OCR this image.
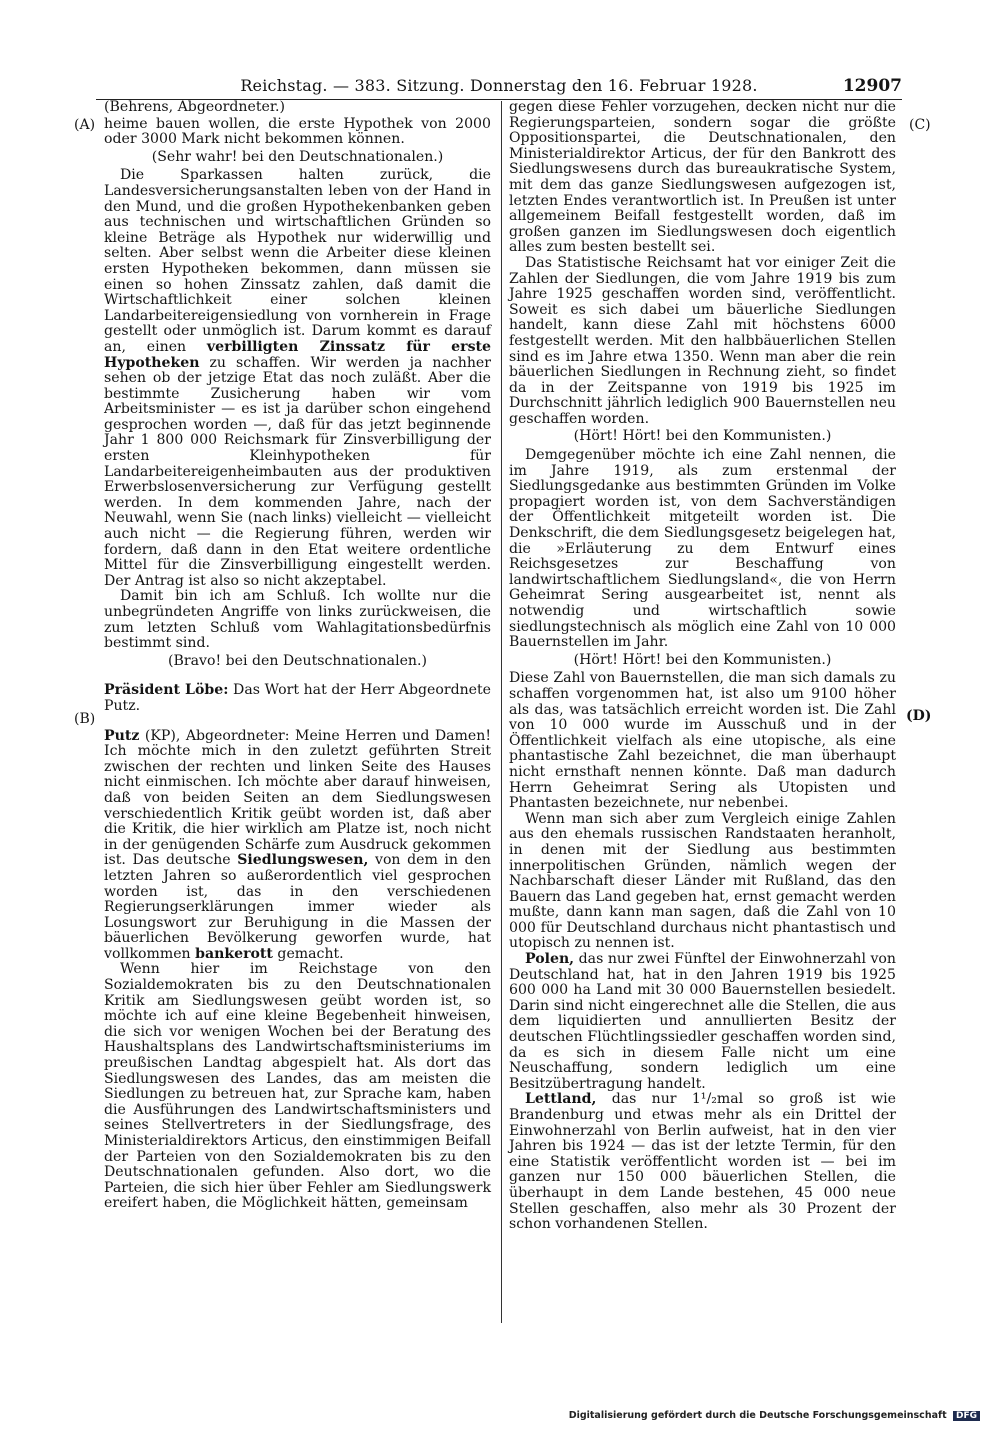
Reichstag. — 383. Sitzung. Donnerstag den 16. Februar 1928.	12907
(A)
(B)
(C)
(D)

(Behrens, Abgeordneter.)

heime bauen wollen, die erste Hypothek von 2000 oder 3000 Mark nicht bekommen können.

(Sehr wahr! bei den Deutschnationalen.)

Die Sparkassen halten zurück, die Landesversicherungsanstalten leben von der Hand in den Mund, und die großen Hypothekenbanken geben aus technischen und wirtschaftlichen Gründen so kleine Beträge als Hypothek nur widerwillig und selten. Aber selbst wenn die Arbeiter diese kleinen ersten Hypotheken bekommen, dann müssen sie einen so hohen Zinssatz zahlen, daß damit die Wirtschaftlichkeit einer solchen kleinen Landarbeitereigensiedlung von vornherein in Frage gestellt oder unmöglich ist. Darum kommt es darauf an, einen verbilligten Zinssatz für erste Hypotheken zu schaffen. Wir werden ja nachher sehen ob der jetzige Etat das noch zuläßt. Aber die bestimmte Zusicherung haben wir vom Arbeitsminister — es ist ja darüber schon eingehend gesprochen worden —, daß für das jetzt beginnende Jahr 1 800 000 Reichsmark für Zinsverbilligung der ersten Kleinhypotheken für Landarbeitereigenheimbauten aus der produktiven Erwerbslosenversicherung zur Verfügung gestellt werden. In dem kommenden Jahre, nach der Neuwahl, wenn Sie (nach links) vielleicht — vielleicht auch nicht — die Regierung führen, werden wir fordern, daß dann in den Etat weitere ordentliche Mittel für die Zinsverbilligung eingestellt werden. Der Antrag ist also so nicht akzeptabel.

Damit bin ich am Schluß. Ich wollte nur die unbegründeten Angriffe von links zurückweisen, die zum letzten Schluß vom Wahlagitationsbedürfnis bestimmt sind.

(Bravo! bei den Deutschnationalen.)

Präsident Löbe: Das Wort hat der Herr Abgeordnete Putz.

Putz (KP), Abgeordneter: Meine Herren und Damen! Ich möchte mich in den zuletzt geführten Streit zwischen der rechten und linken Seite des Hauses nicht einmischen. Ich möchte aber darauf hinweisen, daß von beiden Seiten an dem Siedlungswesen verschiedentlich Kritik geübt worden ist, daß aber die Kritik, die hier wirklich am Platze ist, noch nicht in der genügenden Schärfe zum Ausdruck gekommen ist. Das deutsche Siedlungswesen, von dem in den letzten Jahren so außerordentlich viel gesprochen worden ist, das in den verschiedenen Regierungserklärungen immer wieder als Losungswort zur Beruhigung in die Massen der bäuerlichen Bevölkerung geworfen wurde, hat vollkommen bankerott gemacht.

Wenn hier im Reichstage von den Sozialdemokraten bis zu den Deutschnationalen Kritik am Siedlungswesen geübt worden ist, so möchte ich auf eine kleine Begebenheit hinweisen, die sich vor wenigen Wochen bei der Beratung des Haushaltsplans des Landwirtschaftsministeriums im preußischen Landtag abgespielt hat. Als dort das Siedlungswesen des Landes, das am meisten die Siedlungen zu betreuen hat, zur Sprache kam, haben die Ausführungen des Landwirtschaftsministers und seines Stellvertreters in der Siedlungsfrage, des Ministerialdirektors Articus, den einstimmigen Beifall der Parteien von den Sozialdemokraten bis zu den Deutschnationalen gefunden. Also dort, wo die Parteien, die sich hier über Fehler am Siedlungswerk ereifert haben, die Möglichkeit hätten, gemeinsam

gegen diese Fehler vorzugehen, decken nicht nur die Regierungsparteien, sondern sogar die größte Oppositionspartei, die Deutschnationalen, den Ministerialdirektor Articus, der für den Bankrott des Siedlungswesens durch das bureaukratische System, mit dem das ganze Siedlungswesen aufgezogen ist, letzten Endes verantwortlich ist. In Preußen ist unter allgemeinem Beifall festgestellt worden, daß im großen ganzen im Siedlungswesen doch eigentlich alles zum besten bestellt sei.

Das Statistische Reichsamt hat vor einiger Zeit die Zahlen der Siedlungen, die vom Jahre 1919 bis zum Jahre 1925 geschaffen worden sind, veröffentlicht. Soweit es sich dabei um bäuerliche Siedlungen handelt, kann diese Zahl mit höchstens 6000 festgestellt werden. Mit den halbbäuerlichen Stellen sind es im Jahre etwa 1350. Wenn man aber die rein bäuerlichen Siedlungen in Rechnung zieht, so findet da in der Zeitspanne von 1919 bis 1925 im Durchschnitt jährlich lediglich 900 Bauernstellen neu geschaffen worden.

(Hört! Hört! bei den Kommunisten.)

Demgegenüber möchte ich eine Zahl nennen, die im Jahre 1919, als zum erstenmal der Siedlungsgedanke aus bestimmten Gründen im Volke propagiert worden ist, von dem Sachverständigen der Öffentlichkeit mitgeteilt worden ist. Die Denkschrift, die dem Siedlungsgesetz beigelegen hat, die »Erläuterung zu dem Entwurf eines Reichsgesetzes zur Beschaffung von landwirtschaftlichem Siedlungsland«, die von Herrn Geheimrat Sering ausgearbeitet ist, nennt als notwendig und wirtschaftlich sowie siedlungstechnisch als möglich eine Zahl von 10 000 Bauernstellen im Jahr.

(Hört! Hört! bei den Kommunisten.)

Diese Zahl von Bauernstellen, die man sich damals zu schaffen vorgenommen hat, ist also um 9100 höher als das, was tatsächlich erreicht worden ist. Die Zahl von 10 000 wurde im Ausschuß und in der Öffentlichkeit vielfach als eine utopische, als eine phantastische Zahl bezeichnet, die man überhaupt nicht ernsthaft nennen könnte. Daß man dadurch Herrn Geheimrat Sering als Utopisten und Phantasten bezeichnete, nur nebenbei.

Wenn man sich aber zum Vergleich einige Zahlen aus den ehemals russischen Randstaaten heranholt, in denen mit der Siedlung aus bestimmten innerpolitischen Gründen, nämlich wegen der Nachbarschaft dieser Länder mit Rußland, das den Bauern das Land gegeben hat, ernst gemacht werden mußte, dann kann man sagen, daß die Zahl von 10 000 für Deutschland durchaus nicht phantastisch und utopisch zu nennen ist.

Polen, das nur zwei Fünftel der Einwohnerzahl von Deutschland hat, hat in den Jahren 1919 bis 1925 600 000 ha Land mit 30 000 Bauernstellen besiedelt. Darin sind nicht eingerechnet alle die Stellen, die aus dem liquidierten und annullierten Besitz der deutschen Flüchtlingssiedler geschaffen worden sind, da es sich in diesem Falle nicht um eine Neuschaffung, sondern lediglich um eine Besitzübertragung handelt.

Lettland, das nur 1¹/₂mal so groß ist wie Brandenburg und etwas mehr als ein Drittel der Einwohnerzahl von Berlin aufweist, hat in den vier Jahren bis 1924 — das ist der letzte Termin, für den eine Statistik veröffentlicht worden ist — bei im ganzen nur 150 000 bäuerlichen Stellen, die überhaupt in dem Lande bestehen, 45 000 neue Stellen geschaffen, also mehr als 30 Prozent der schon vorhandenen Stellen.

Digitalisierung gefördert durch die Deutsche Forschungsgemeinschaft DFG
